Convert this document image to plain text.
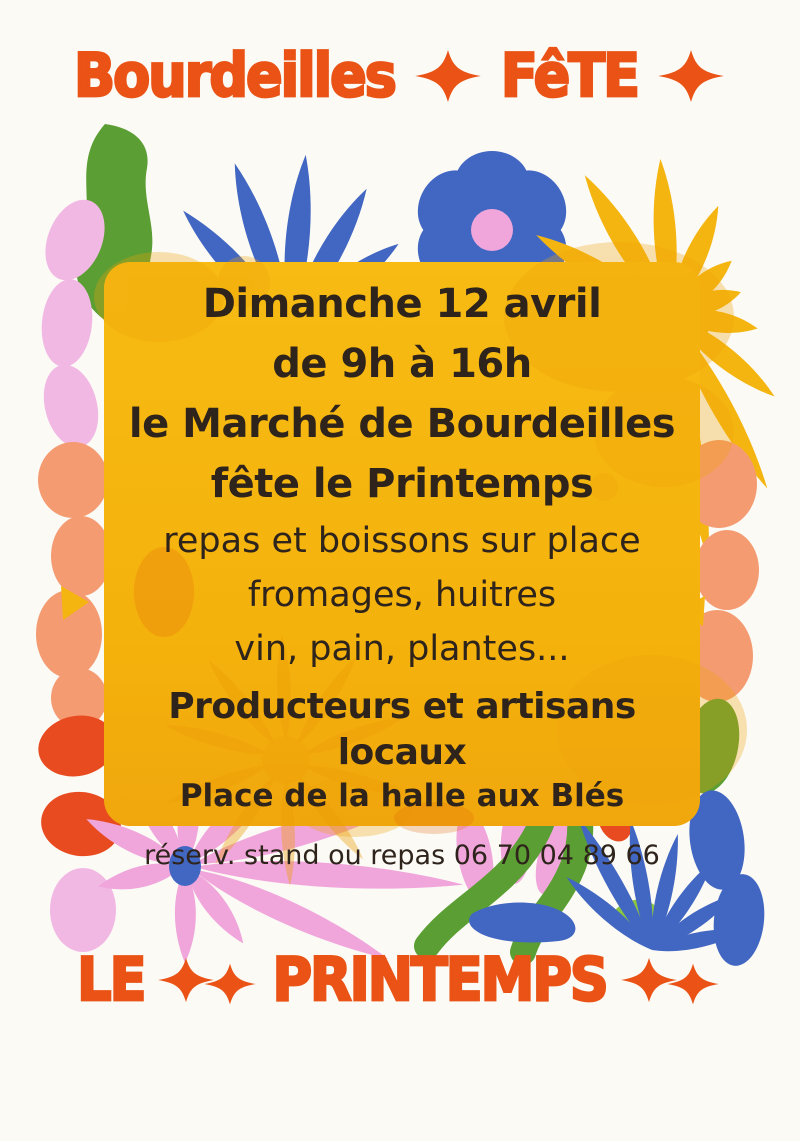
Bourdeilles FêTE
Dimanche 12 avril
de 9h à 16h
le Marché de Bourdeilles
fête le Printemps
repas et boissons sur place
fromages, huitres
vin, pain, plantes...
Producteurs et artisans locaux
Place de la halle aux Blés
réserv. stand ou repas 06 70 04 89 66
LE PRINTEMPS
